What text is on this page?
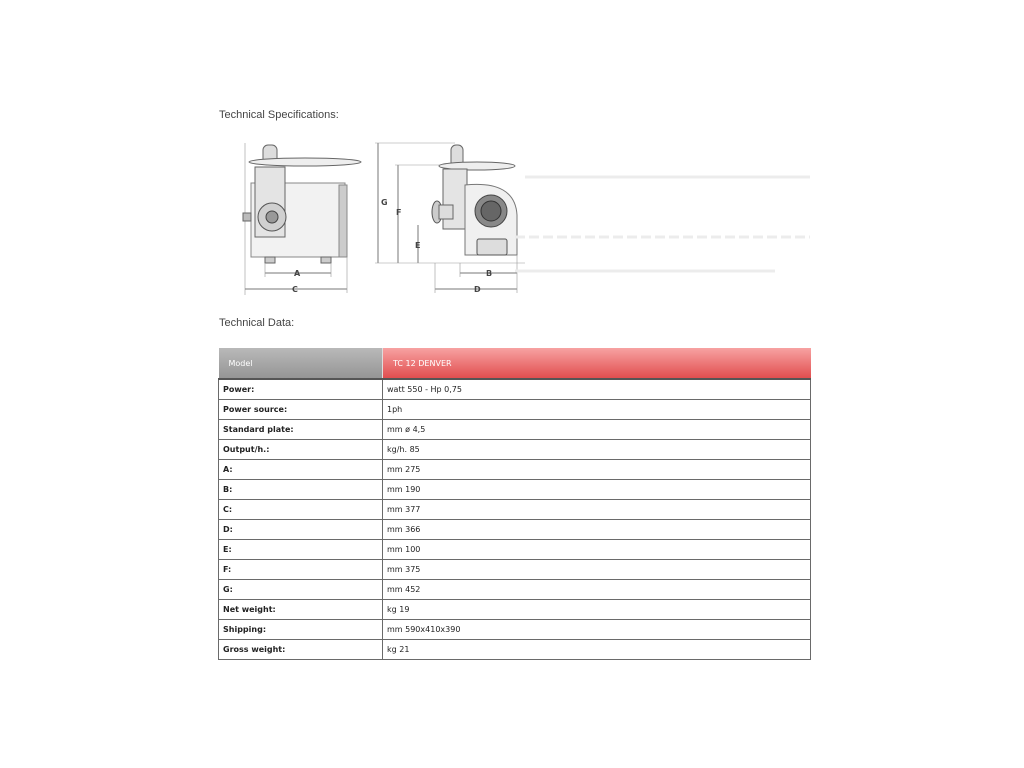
Technical Specifications:
A
C
G
F
E
B
D
Technical Data:
Model	TC 12 DENVER
Power:	watt 550 - Hp 0,75
Power source:	1ph
Standard plate:	mm ø 4,5
Output/h.:	kg/h. 85
A:	mm 275
B:	mm 190
C:	mm 377
D:	mm 366
E:	mm 100
F:	mm 375
G:	mm 452
Net weight:	kg 19
Shipping:	mm 590x410x390
Gross weight:	kg 21
